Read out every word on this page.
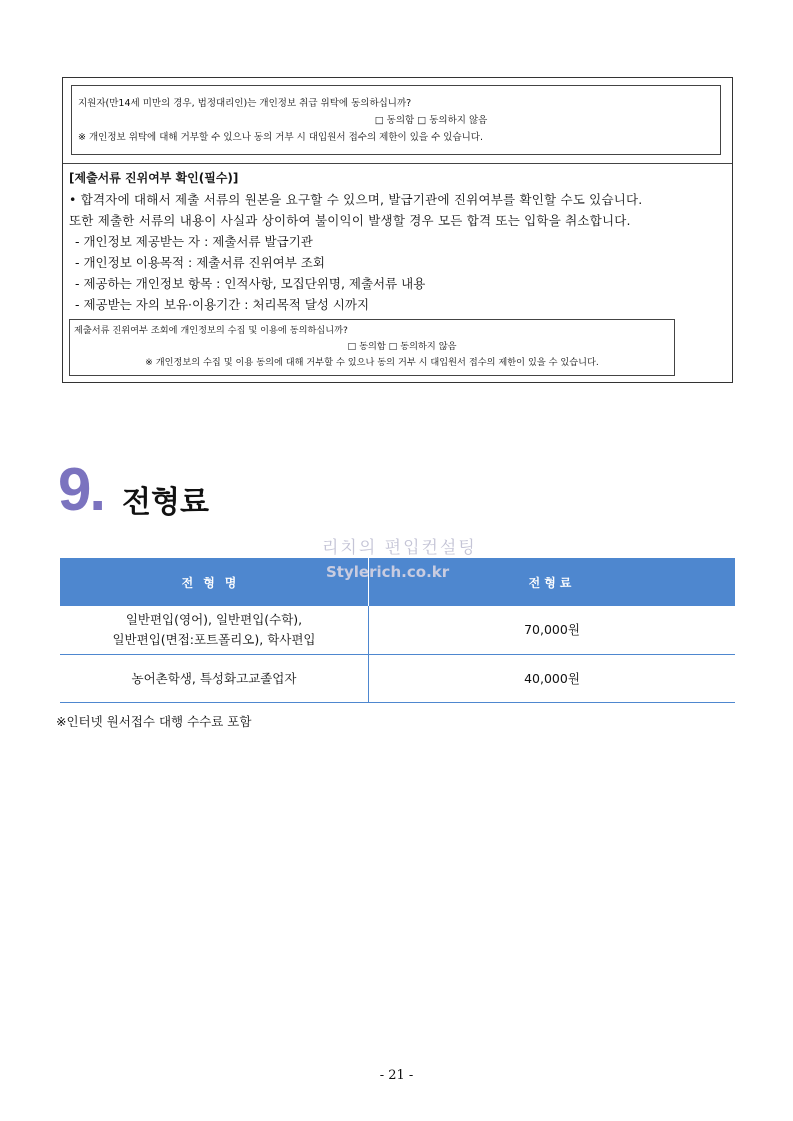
지원자(만14세 미만의 경우, 법정대리인)는 개인정보 취급 위탁에 동의하십니까?
□ 동의함 □ 동의하지 않음
※ 개인정보 위탁에 대해 거부할 수 있으나 동의 거부 시 대입원서 접수의 제한이 있을 수 있습니다.
[제출서류 진위여부 확인(필수)]
• 합격자에 대해서 제출 서류의 원본을 요구할 수 있으며, 발급기관에 진위여부를 확인할 수도 있습니다.
또한 제출한 서류의 내용이 사실과 상이하여 불이익이 발생할 경우 모든 합격 또는 입학을 취소합니다.
- 개인정보 제공받는 자 : 제출서류 발급기관
- 개인정보 이용목적 : 제출서류 진위여부 조회
- 제공하는 개인정보 항목 : 인적사항, 모집단위명, 제출서류 내용
- 제공받는 자의 보유·이용기간 : 처리목적 달성 시까지
제출서류 진위여부 조회에 개인정보의 수집 및 이용에 동의하십니까?
□ 동의함 □ 동의하지 않음
※ 개인정보의 수집 및 이용 동의에 대해 거부할 수 있으나 동의 거부 시 대입원서 접수의 제한이 있을 수 있습니다.
9. 전형료
전형명	전형료

일반편입(영어), 일반편입(수학),
일반편입(면접:포트폴리오), 학사편입	70,000원
농어촌학생, 특성화고교졸업자	40,000원
리치의 편입컨설팅
Stylerich.co.kr
※인터넷 원서접수 대행 수수료 포함
- 21 -
